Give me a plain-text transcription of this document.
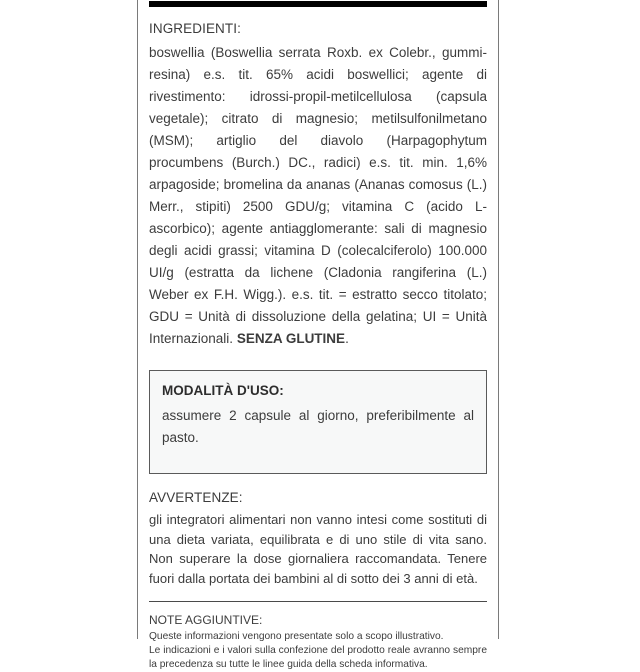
INGREDIENTI:
boswellia (Boswellia serrata Roxb. ex Colebr., gummi-resina) e.s. tit. 65% acidi boswellici; agente di rivestimento: idrossi-propil-metilcellulosa (capsula vegetale); citrato di magnesio; metilsulfonilmetano (MSM); artiglio del diavolo (Harpagophytum procumbens (Burch.) DC., radici) e.s. tit. min. 1,6% arpagoside; bromelina da ananas (Ananas comosus (L.) Merr., stipiti) 2500 GDU/g; vitamina C (acido L-ascorbico); agente antiagglomerante: sali di magnesio degli acidi grassi; vitamina D (colecalciferolo) 100.000 UI/g (estratta da lichene (Cladonia rangiferina (L.) Weber ex F.H. Wigg.). e.s. tit. = estratto secco titolato; GDU = Unità di dissoluzione della gelatina; UI = Unità Internazionali. SENZA GLUTINE.
MODALITÀ D'USO:
assumere 2 capsule al giorno, preferibilmente al pasto.
AVVERTENZE:
gli integratori alimentari non vanno intesi come sostituti di una dieta variata, equilibrata e di uno stile di vita sano. Non superare la dose giornaliera raccomandata. Tenere fuori dalla portata dei bambini al di sotto dei 3 anni di età.
NOTE AGGIUNTIVE:

Queste informazioni vengono presentate solo a scopo illustrativo.

Le indicazioni e i valori sulla confezione del prodotto reale avranno sempre la precedenza su tutte le linee guida della scheda informativa.
